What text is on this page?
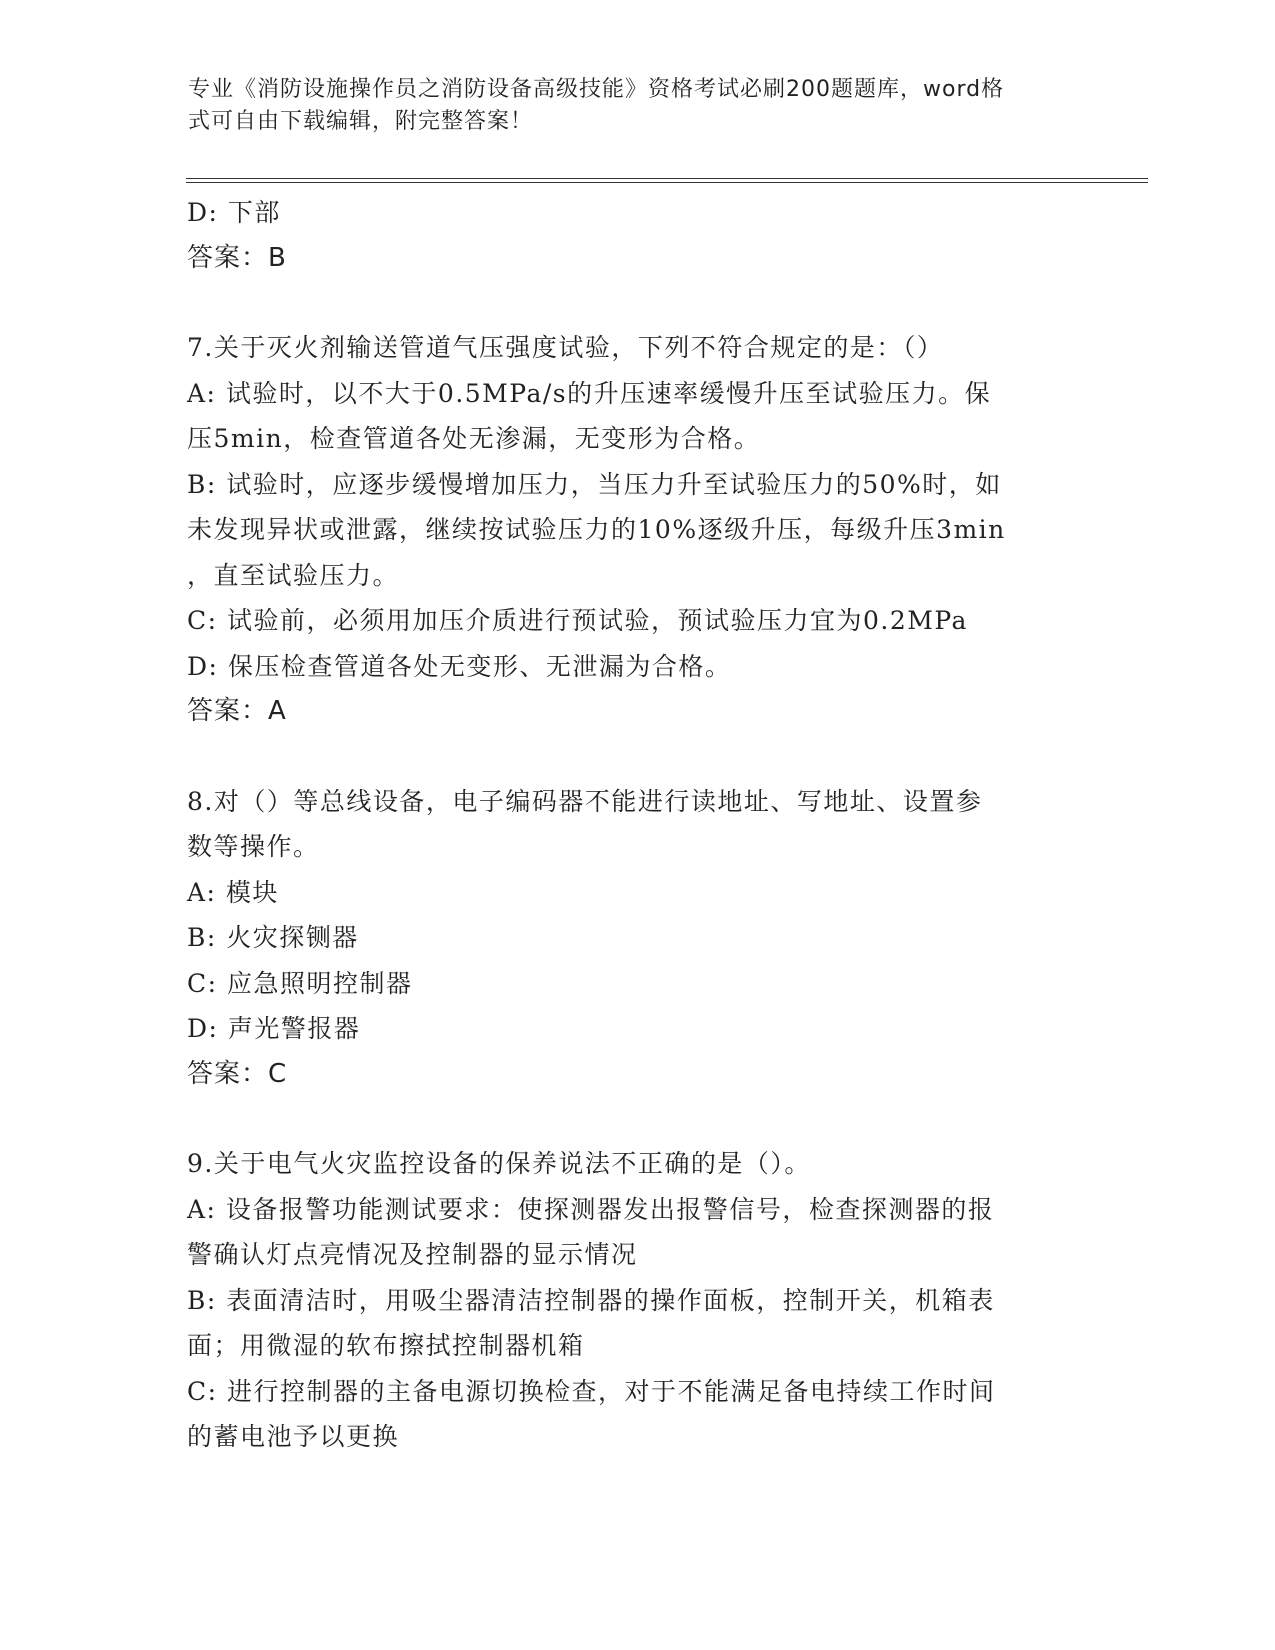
专业《消防设施操作员之消防设备高级技能》资格考试必刷200题题库，word格
式可自由下载编辑，附完整答案！
D: 下部
答案：B
7.关于灭火剂输送管道气压强度试验，下列不符合规定的是：（）
A: 试验时，以不大于0.5MPa/s的升压速率缓慢升压至试验压力。保
压5min，检查管道各处无渗漏，无变形为合格。
B: 试验时，应逐步缓慢增加压力，当压力升至试验压力的50%时，如
未发现异状或泄露，继续按试验压力的10%逐级升压，每级升压3min
，直至试验压力。
C: 试验前，必须用加压介质进行预试验，预试验压力宜为0.2MPa
D: 保压检查管道各处无变形、无泄漏为合格。
答案：A
8.对（）等总线设备，电子编码器不能进行读地址、写地址、设置参
数等操作。
A: 模块
B: 火灾探铡器
C: 应急照明控制器
D: 声光警报器
答案：C
9.关于电气火灾监控设备的保养说法不正确的是（）。
A: 设备报警功能测试要求：使探测器发出报警信号，检查探测器的报
警确认灯点亮情况及控制器的显示情况
B: 表面清洁时，用吸尘器清洁控制器的操作面板，控制开关，机箱表
面；用微湿的软布擦拭控制器机箱
C: 进行控制器的主备电源切换检查，对于不能满足备电持续工作时间
的蓄电池予以更换
